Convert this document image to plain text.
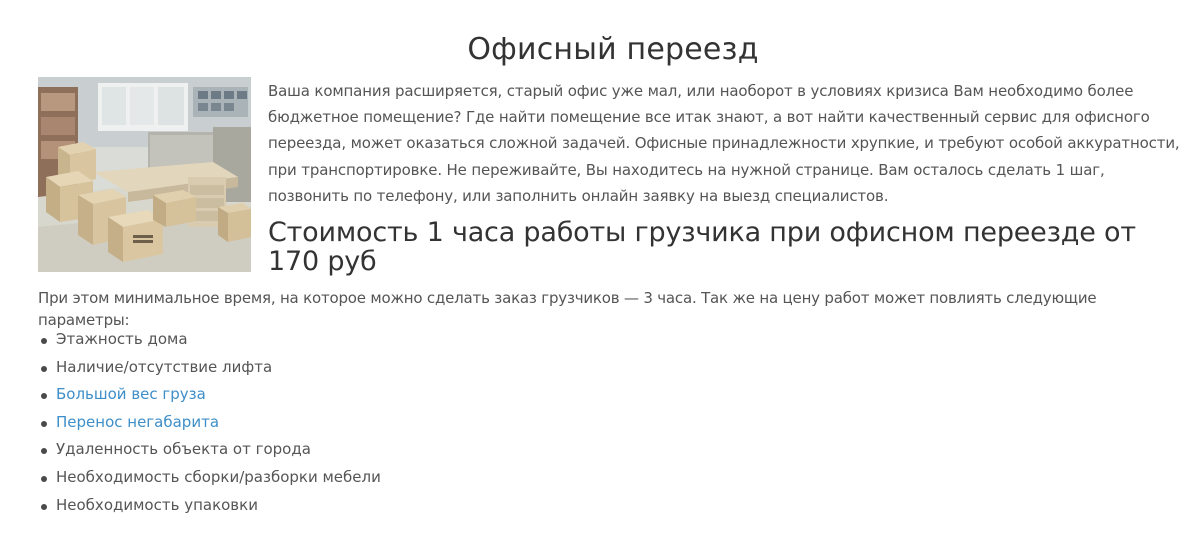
Офисный переезд

Ваша компания расширяется, старый офис уже мал, или наоборот в условиях кризиса Вам необходимо более бюджетное помещение? Где найти помещение все итак знают, а вот найти качественный сервис для офисного переезда, может оказаться сложной задачей. Офисные принадлежности хрупкие, и требуют особой аккуратности, при транспортировке. Не переживайте, Вы находитесь на нужной странице. Вам осталось сделать 1 шаг, позвонить по телефону, или заполнить онлайн заявку на выезд специалистов.

Стоимость 1 часа работы грузчика при офисном переезде от 170 руб

При этом минимальное время, на которое можно сделать заказ грузчиков — 3 часа. Так же на цену работ может повлиять следующие параметры:

Этажность дома
Наличие/отсутствие лифта
Большой вес груза
Перенос негабарита
Удаленность объекта от города
Необходимость сборки/разборки мебели
Необходимость упаковки
